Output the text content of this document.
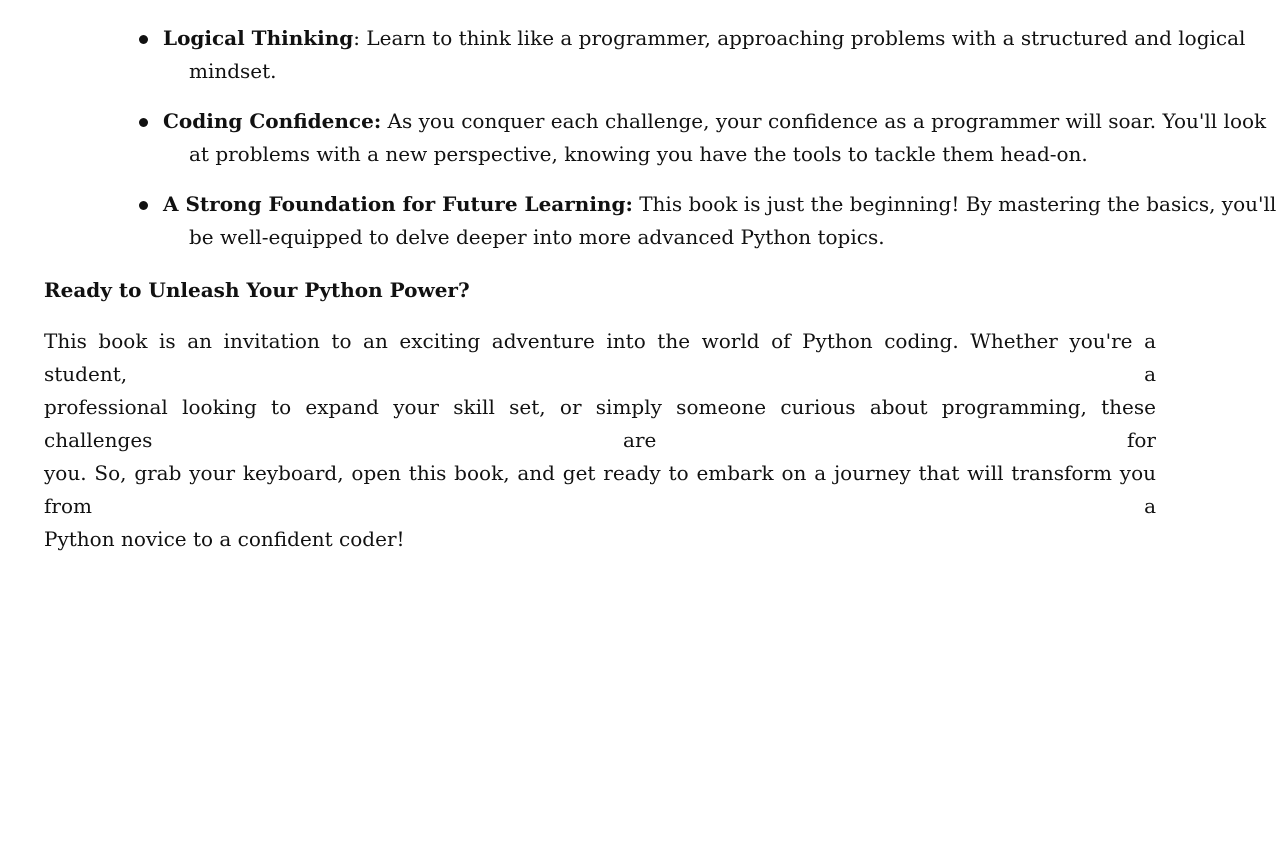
Logical Thinking: Learn to think like a programmer, approaching problems with a structured and logical
mindset.
Coding Confidence: As you conquer each challenge, your confidence as a programmer will soar. You'll look
at problems with a new perspective, knowing you have the tools to tackle them head-on.
A Strong Foundation for Future Learning: This book is just the beginning! By mastering the basics, you'll
be well-equipped to delve deeper into more advanced Python topics.
Ready to Unleash Your Python Power?

This book is an invitation to an exciting adventure into the world of Python coding. Whether you're a student, a
professional looking to expand your skill set, or simply someone curious about programming, these challenges are for
you. So, grab your keyboard, open this book, and get ready to embark on a journey that will transform you from a
Python novice to a confident coder!
